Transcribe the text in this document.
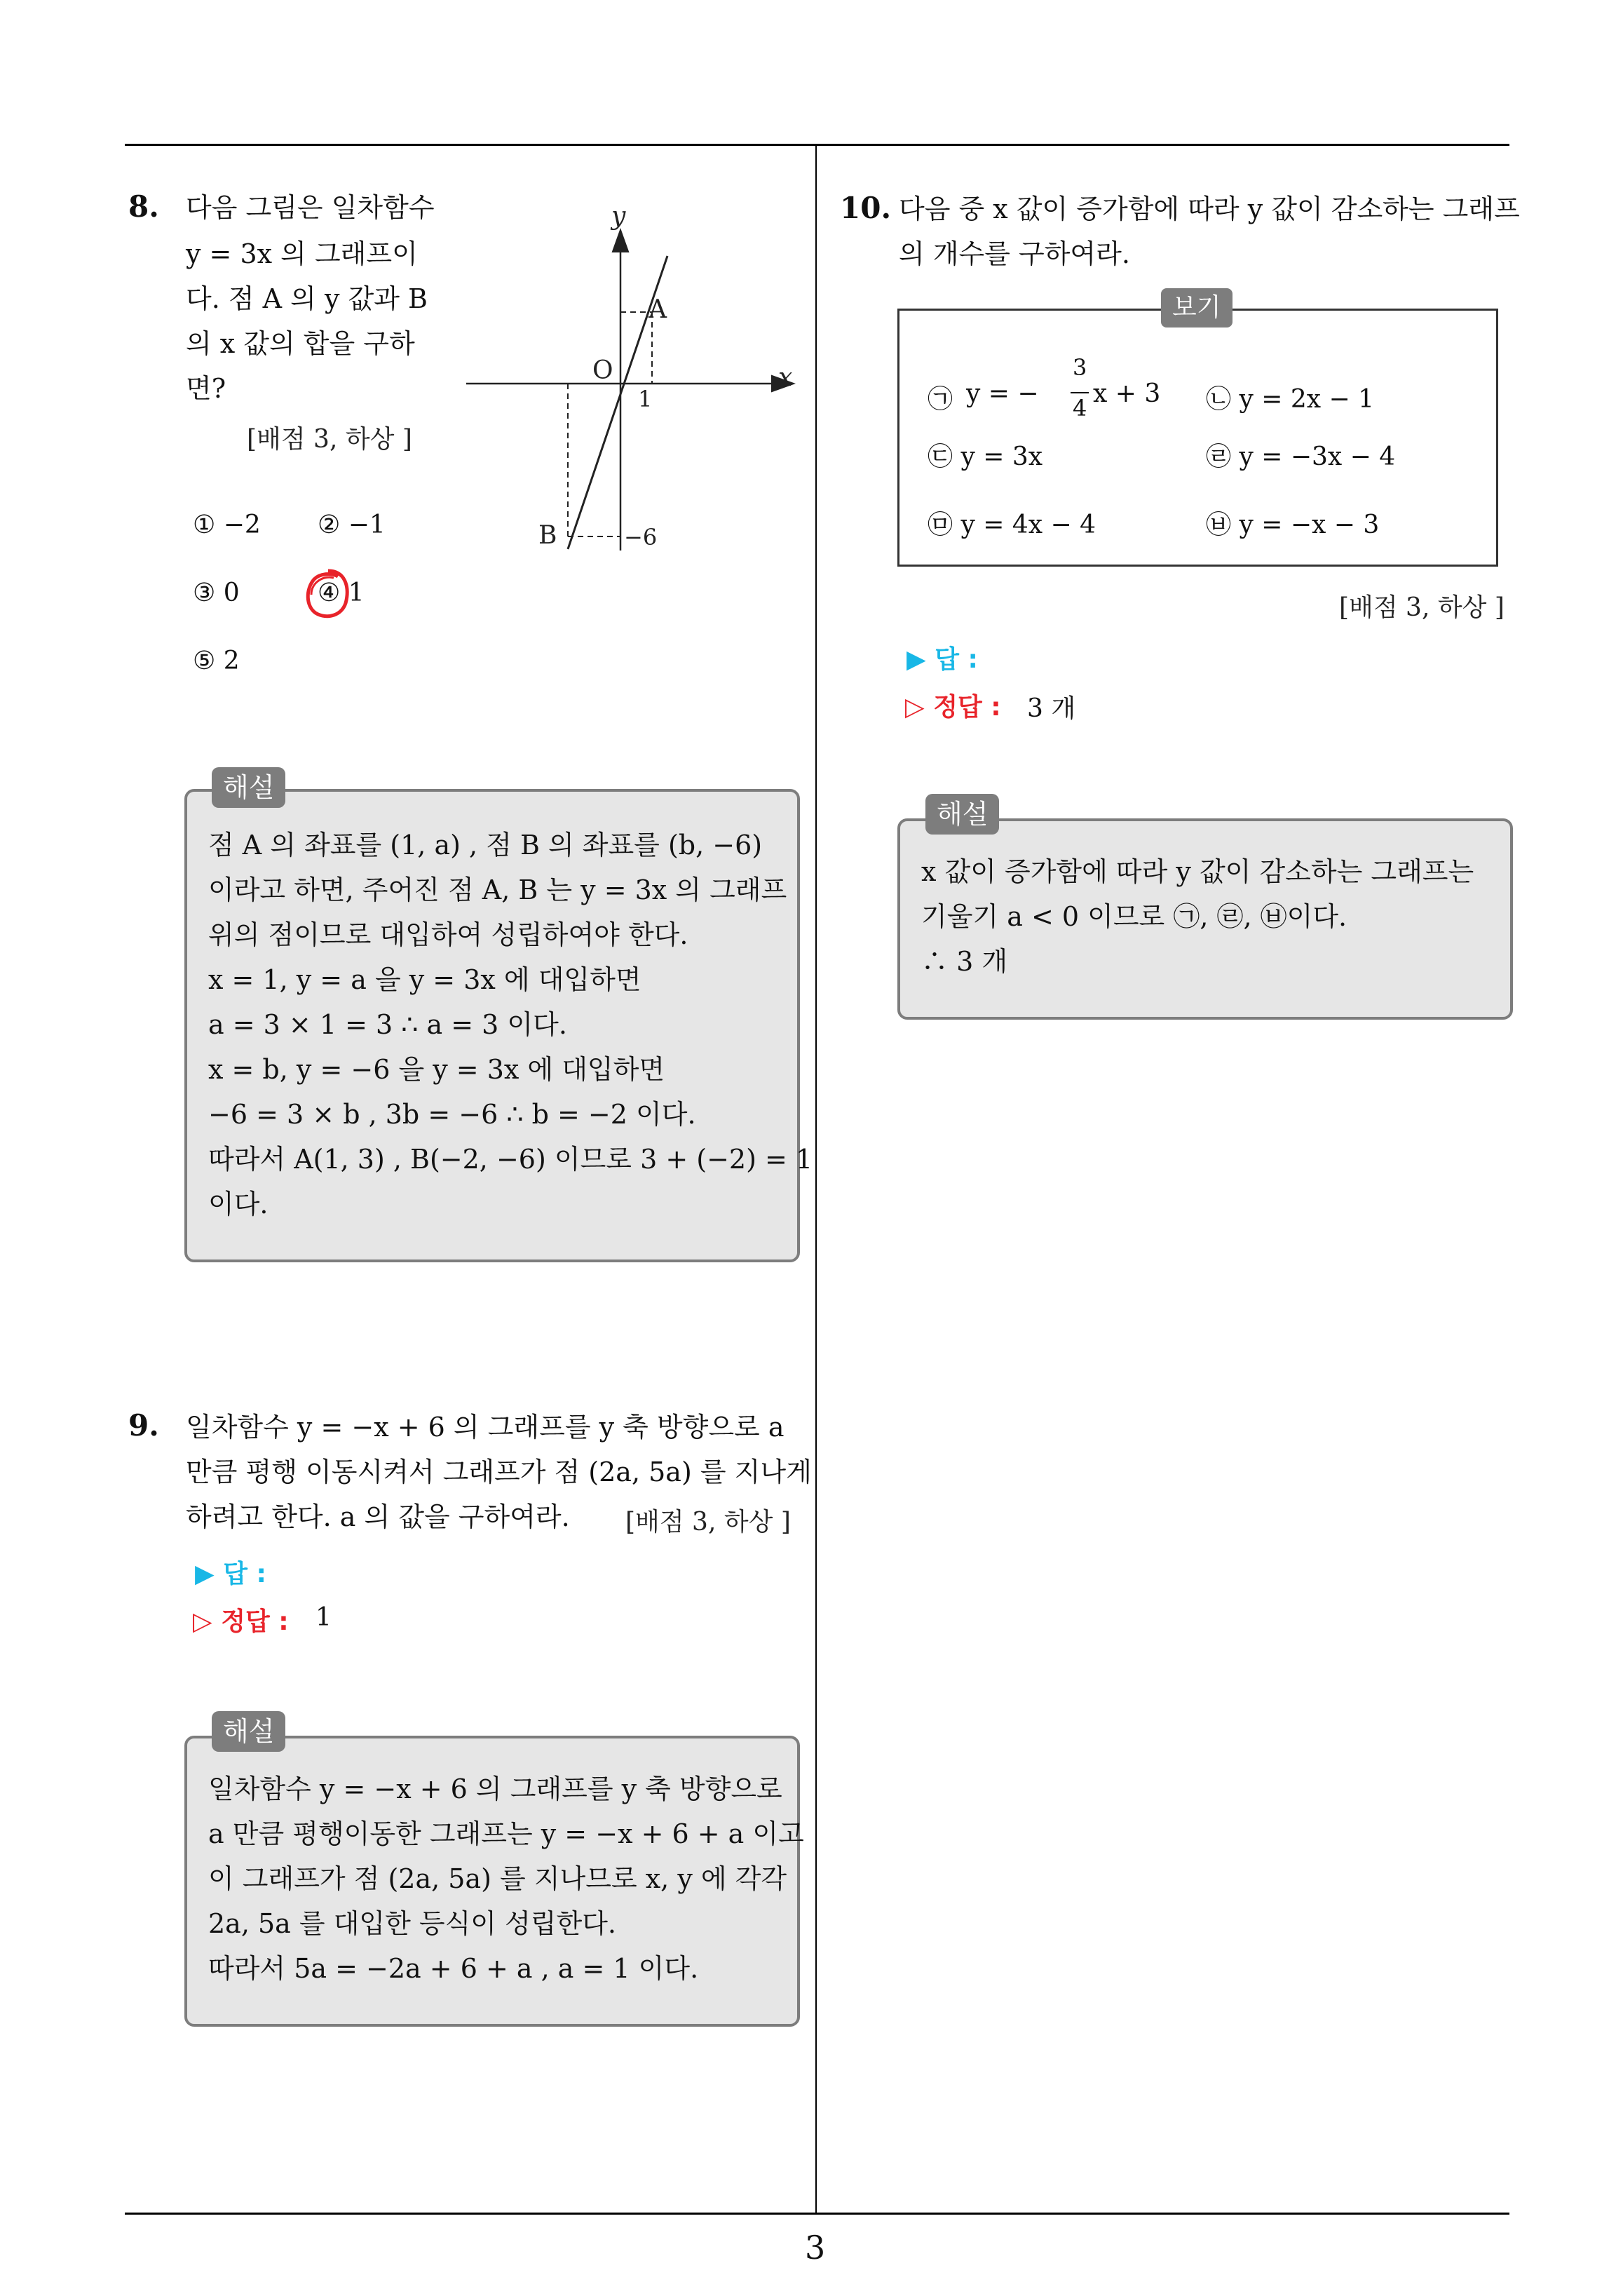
8. 다음 그림은 일차함수
y = 3x 의 그래프이
다. 점 A 의 y 값과 B
의 x 값의 합을 구하
면?
[배점 3, 하상 ]
y
x
O
A
B
1
−6
① −2 ② −1
③ 0	④ 1
⑤ 2
점 A 의 좌표를 (1, a) , 점 B 의 좌표를 (b, −6)
이라고 하면, 주어진 점 A, B 는 y = 3x 의 그래프
위의 점이므로 대입하여 성립하여야 한다.
x = 1, y = a 을 y = 3x 에 대입하면
a = 3 × 1 = 3 ∴ a = 3 이다.
x = b, y = −6 을 y = 3x 에 대입하면
−6 = 3 × b , 3b = −6 ∴ b = −2 이다.
따라서 A(1, 3) , B(−2, −6) 이므로 3 + (−2) = 1
이다.
해설
9. 일차함수 y = −x + 6 의 그래프를 y 축 방향으로 a
만큼 평행 이동시켜서 그래프가 점 (2a, 5a) 를 지나게
하려고 한다. a 의 값을 구하여라. [배점 3, 하상 ]
▶ 답 :
▷ 정답 : 1
일차함수 y = −x + 6 의 그래프를 y 축 방향으로
a 만큼 평행이동한 그래프는 y = −x + 6 + a 이고
이 그래프가 점 (2a, 5a) 를 지나므로 x, y 에 각각
2a, 5a 를 대입한 등식이 성립한다.
따라서 5a = −2a + 6 + a , a = 1 이다.
해설
10. 다음 중 x 값이 증가함에 따라 y 값이 감소하는 그래프
의 개수를 구하여라.
㉠ y = −
3
4 x + 3 ㉡ y = 2x − 1
㉢ y = 3x	㉣ y = −3x − 4
㉤ y = 4x − 4	㉥ y = −x − 3
보기
[배점 3, 하상 ]
▶ 답 :
▷ 정답 : 3 개
x 값이 증가함에 따라 y 값이 감소하는 그래프는
기울기 a < 0 이므로 ㉠, ㉣, ㉥이다.
∴ 3 개
해설
3
